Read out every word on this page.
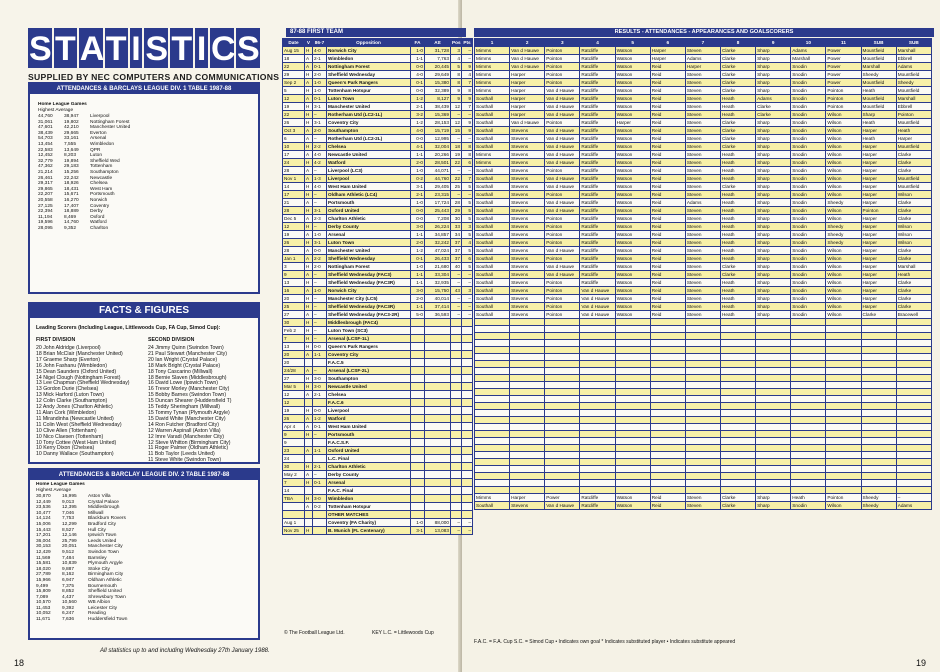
S T A T I S T I C S
SUPPLIED BY NEC COMPUTERS AND COMMUNICATIONS
ATTENDANCES & BARCLAYS LEAGUE DIV. 1 TABLE 1987-88
Home League Games
Highest Average
44,760	38,947	Liverpool
31,061	19,802	Nottingham Forest
47,601	42,210	Manchester United
38,439	29,665	Everton
54,703	33,161	Arsenal
13,454	7,555	Wimbledon
22,583	13,649	QPR
12,452	8,203	Luton
32,779	19,894	Sheffield Wed
47,362	29,183	Tottenham
21,214	15,256	Southampton
26,461	22,242	Newcastle
29,317	18,926	Chelsea
29,865	18,431	West Ham
22,207	15,671	Portsmouth
20,558	16,270	Norwich
27,125	17,407	Coventry
22,394	18,889	Derby
11,194	8,469	Oxford
19,596	14,760	Watford
28,095	9,352	Charlton
FACTS & FIGURES
Leading Scorers (Including League, Littlewoods Cup, FA Cup, Simod Cup):
FIRST DIVISION	SECOND DIVISION
20 John Aldridge (Liverpool)
18 Brian McClair (Manchester United)
17 Graeme Sharp (Everton)
16 John Fashanu (Wimbledon)
15 Dean Saunders (Oxford United)
14 Nigel Clough (Nottingham Forest)
13 Lee Chapman (Sheffield Wednesday)
13 Gordon Durie (Chelsea)
13 Mick Harford (Luton Town)
12 Colin Clarke (Southampton)
12 Andy Jones (Charlton Athletic)
11 Alan Cork (Wimbledon)
11 Mirandinha (Newcastle United)
11 Colin West (Sheffield Wednesday)
10 Clive Allen (Tottenham)
10 Nico Claesen (Tottenham)
10 Tony Cottee (West Ham United)
10 Kerry Dixon (Chelsea)
10 Danny Wallace (Southampton)
24 Jimmy Quinn (Swindon Town)
21 Paul Stewart (Manchester City)
20 Ian Wright (Crystal Palace)
18 Mark Bright (Crystal Palace)
18 Tony Cascarino (Millwall)
18 Bernie Slaven (Middlesbrough)
16 David Lowe (Ipswich Town)
16 Trevor Morley (Manchester City)
15 Bobby Barnes (Swindon Town)
15 Duncan Shearer (Huddersfield T)
15 Teddy Sheringham (Millwall)
15 Tommy Tynan (Plymouth Argyle)
15 David White (Manchester City)
14 Ron Futcher (Bradford City)
12 Warren Aspinall (Aston Villa)
12 Imre Varadi (Manchester City)
12 Steve Whitton (Birmingham City)
11 Roger Palmer (Oldham Athletic)
11 Bob Taylor (Leeds United)
11 Steve White (Swindon Town)
ATTENDANCES & BARCLAY LEAGUE DIV. 2 TABLE 1987-88
Home League Games
Highest Average
30,870	16,995	Aston Villa
12,449	9,013	Crystal Palace
23,536	12,395	Middlesbrough
10,477	7,046	Millwall
14,124	7,753	Blackburn Rovers
15,006	12,299	Bradford City
15,443	8,527	Hull City
17,201	12,146	Ipswich Town
36,004	25,799	Leeds United
30,153	20,051	Manchester City
12,429	9,512	Swindon Town
11,569	7,484	Barnsley
15,581	10,839	Plymouth Argyle
18,020	9,887	Stoke City
27,789	8,162	Birmingham City
15,966	6,947	Oldham Athletic
9,499	7,375	Bournemouth
15,809	8,852	Sheffield United
7,089	4,437	Shrewsbury Town
10,570	10,560	WB Albion
11,453	9,392	Leicester City
10,052	6,247	Reading
11,671	7,636	Huddersfield Town
All statistics up to and including Wednesday 27th January 1988.
18
87-88 FIRST TEAM	RESULTS - ATTENDANCES - APPEARANCES AND GOALSCORERS
F.A.C. = F.A. Cup S.C. = Simod Cup • Indicates own goal * Indicates substituted player • Indicates substitute appeared
19
Date	V	86-7	Opposition	FA	Att	Pos	Pts
Aug 15	H	4-0	Norwich City	1-0	31,728	3	–
18	A	2-1	Wimbledon	1-1	7,763	4	–
22	A	0-1	Nottingham Forest	0-0	20,445	5	9
29	H	2-0	Sheffield Wednesday	4-0	29,649	8	4
Sep 2	A	1-0	Queen's Park Rangers	0-1	15,380	8	7
5	H	1-0	Tottenham Hotspur	0-0	32,389	9	8
12	A	0-1	Luton Town	1-2	8,127	9	9
19	H	3-1	Manchester United	2-1	38,439	12	7
22	H	–	Rotherham Utd (LC2-1L)	3-2	15,369	–	–
26	H	3-1	Coventry City	1-2	28,153	12	9
Oct 3	A	2-0	Southampton	4-0	15,719	15	9
6	A	–	Rotherham Utd (LC2-2L)	0-0	12,995	–	–
10	H	2-2	Chelsea	4-1	32,004	18	8
17	A	4-0	Newcastle United	1-1	20,266	19	8
24	H	4-2	Watford	2-0	28,501	22	6
28	A	–	Liverpool (LC3)	1-0	44,071	–	–
Nov 1	A	1-3	Liverpool	0-2	44,760	22	7
14	H	4-0	West Ham United	3-1	29,405	25	5
17	H	–	Oldham Athletic (LC4)	2-1	23,315	–	–
21	A	–	Portsmouth	1-0	17,724	28	5
28	H	3-1	Oxford United	0-0	25,443	29	5
Dec 5	A	2-3	Charlton Athletic	0-0	7,208	30	5
12	H	–	Derby County	3-0	26,224	33	3
19	A	1-0	Arsenal	1-1	34,857	34	5
26	H	3-1	Luton Town	2-0	32,242	37	4
28	A	0-0	Manchester United	1-2	47,024	37	5
Jan 1	A	2-2	Sheffield Wednesday	0-1	26,433	37	6
3	H	2-0	Nottingham Forest	1-0	21,680	40	5
9	A	–	Sheffield Wednesday (FAC3)	1-1	33,304	–	–
13	H	–	Sheffield Wednesday (FAC3R)	1-1	32,935	–	–
16	A	1-0	Norwich City	3-0	15,750	43	3
20	H	–	Manchester City (LC5)	2-0	40,014	–	–
25	H	–	Sheffield Wednesday (FAC3R)	1-1	37,414	–	–
27	A	–	Sheffield Wednesday (FAC3-2R)	5-0	36,593	–	–
30	H	–	Middlesbrough (FAC4)				
Feb 2	H	–	Luton Town (SC3)				
7	H	–	Arsenal (LCSF-1L)				
13	H	0-0	Queen's Park Rangers				
20	A	1-1	Coventry City				
20			F.A.C.5				
24/28	A	–	Arsenal (LCSF-2L)				
27	H	3-0	Southampton				
Mar 5	H	3-0	Newcastle United				
12	A	2-1	Chelsea				
12			F.A.C.6				
19	H	0-0	Liverpool				
26	A	1-2	Watford				
Apr 4	A	0-1	West Ham United				
9	H	–	Portsmouth				
9			F.A.C.S.F.				
23	A	1-1	Oxford United				
24			L.C. Final				
30	H	2-1	Charlton Athletic				
May 2	A	–	Derby County				
7	H	0-1	Arsenal				
14			F.A.C. Final				
TBA	H	3-0	Wimbledon				
	A	0-2	Tottenham Hotspur				
			OTHER MATCHES				
Aug 1			Coventry (FA Charity)	1-0	88,000	–	–
Nov 25	H		B. Munich (FL Centenary)	3-1	13,083	–	–
1	2	3	4	5	6	7	8	9	10	11	SUB	SUB
Mimms	Van d Hauwe	Pointon	Ratcliffe	Watson	Harper	Steven	Clarke	Sharp	Adams	Power	Mountfield	Marshall
Mimms	Van d Hauwe	Pointon	Ratcliffe	Watson	Harper	Adams	Clarke	Sharp	Marshall	Power	Mountfield	Ebbrell
Mimms	Van d Hauwe	Pointon	Ratcliffe	Watson	Reid	Harper	Clarke	Sharp	Snodin	Power	Marshall	Adams
Mimms	Harper	Pointon	Ratcliffe	Watson	Reid	Steven	Clarke	Sharp	Snodin	Power	Sheedy	Mountfield
Mimms	Harper	Pointon	Ratcliffe	Watson	Reid	Steven	Clarke	Sharp	Snodin	Power	Mountfield	Sheedy
Mimms	Harper	Van d Hauwe	Ratcliffe	Watson	Reid	Steven	Clarke	Sharp	Snodin	Pointon	Heath	Mountfield
Southall	Harper	Van d Hauwe	Ratcliffe	Watson	Reid	Steven	Heath	Adams	Snodin	Pointon	Mountfield	Marshall
Southall	Harper	Van d Hauwe	Ratcliffe	Watson	Reid	Steven	Heath	Clarke	Snodin	Pointon	Mountfield	Ebbrell
Southall	Harper	Van d Hauwe	Ratcliffe	Watson	Reid	Steven	Heath	Clarke	Snodin	Wilson	Sharp	Pointon
Southall	Van d Hauwe	Pointon	Ratcliffe	Harper	Reid	Steven	Clarke	Sharp	Snodin	Wilson	Heath	Mountfield
Southall	Stevens	Van d Hauwe	Ratcliffe	Watson	Reid	Steven	Clarke	Sharp	Snodin	Wilson	Harper	Heath
Southall	Stevens	Van d Hauwe	Ratcliffe	Watson	Reid	Steven	Clarke	Sharp	Snodin	Wilson	Heath	Harper
Southall	Stevens	Van d Hauwe	Ratcliffe	Watson	Reid	Steven	Clarke	Sharp	Snodin	Wilson	Harper	Mountfield
Mimms	Stevens	Van d Hauwe	Ratcliffe	Watson	Reid	Steven	Heath	Sharp	Snodin	Wilson	Harper	Clarke
Mimms	Stevens	Van d Hauwe	Ratcliffe	Watson	Reid	Steven	Heath	Sharp	Snodin	Wilson	Harper	Clarke
Southall	Stevens	Pointon	Ratcliffe	Watson	Reid	Steven	Heath	Sharp	Snodin	Wilson	Harper	Clarke
Southall	Stevens	Van d Hauwe	Ratcliffe	Watson	Reid	Steven	Heath	Sharp	Snodin	Wilson	Harper	Mountfield
Southall	Stevens	Van d Hauwe	Ratcliffe	Watson	Reid	Steven	Clarke	Sharp	Snodin	Wilson	Harper	Mountfield
Southall	Stevens	Pointon	Ratcliffe	Watson	Reid	Steven	Heath	Sharp	Snodin	Wilson	Harper	Wilson
Southall	Stevens	Van d Hauwe	Ratcliffe	Watson	Reid	Adams	Heath	Sharp	Snodin	Sheedy	Harper	Clarke
Southall	Stevens	Van d Hauwe	Ratcliffe	Watson	Reid	Steven	Heath	Sharp	Snodin	Wilson	Pointon	Clarke
Southall	Stevens	Pointon	Ratcliffe	Watson	Reid	Steven	Heath	Sharp	Snodin	Wilson	Harper	Clarke
Southall	Stevens	Pointon	Ratcliffe	Watson	Reid	Steven	Heath	Sharp	Snodin	Sheedy	Harper	Wilson
Southall	Stevens	Pointon	Ratcliffe	Watson	Reid	Steven	Heath	Sharp	Snodin	Sheedy	Harper	Wilson
Southall	Stevens	Pointon	Ratcliffe	Watson	Reid	Steven	Heath	Sharp	Snodin	Sheedy	Harper	Wilson
Southall	Stevens	Van d Hauwe	Ratcliffe	Watson	Reid	Steven	Heath	Sharp	Snodin	Wilson	Harper	Clarke
Southall	Stevens	Pointon	Ratcliffe	Watson	Reid	Steven	Heath	Sharp	Snodin	Wilson	Harper	Clarke
Southall	Stevens	Van d Hauwe	Ratcliffe	Watson	Reid	Steven	Clarke	Sharp	Snodin	Wilson	Harper	Marshall
Southall	Stevens	Van d Hauwe	Ratcliffe	Watson	Reid	Steven	Clarke	Sharp	Snodin	Wilson	Harper	Heath
Southall	Stevens	Pointon	Ratcliffe	Watson	Reid	Steven	Heath	Sharp	Snodin	Wilson	Harper	Clarke
Southall	Stevens	Pointon	Van d Hauwe	Watson	Reid	Steven	Heath	Sharp	Snodin	Wilson	Harper	Clarke
Southall	Stevens	Pointon	Van d Hauwe	Watson	Reid	Steven	Heath	Sharp	Snodin	Wilson	Harper	Clarke
Southall	Stevens	Pointon	Van d Hauwe	Watson	Reid	Steven	Heath	Sharp	Snodin	Wilson	Harper	Clarke
Southall	Stevens	Pointon	Van d Hauwe	Watson	Reid	Steven	Heath	Sharp	Snodin	Wilson	Clarke	Bracewell

Mimms	Harper	Power	Ratcliffe	Watson	Reid	Steven	Clarke	Sharp	Heath	Pointon	Sheedy	–
Southall	Stevens	Van d Hauwe	Ratcliffe	Watson	Reid	Steven	Clarke	Sharp	Snodin	Wilson	Sheedy	Adams
© The Football League Ltd.	KEY L.C. = Littlewoods Cup
